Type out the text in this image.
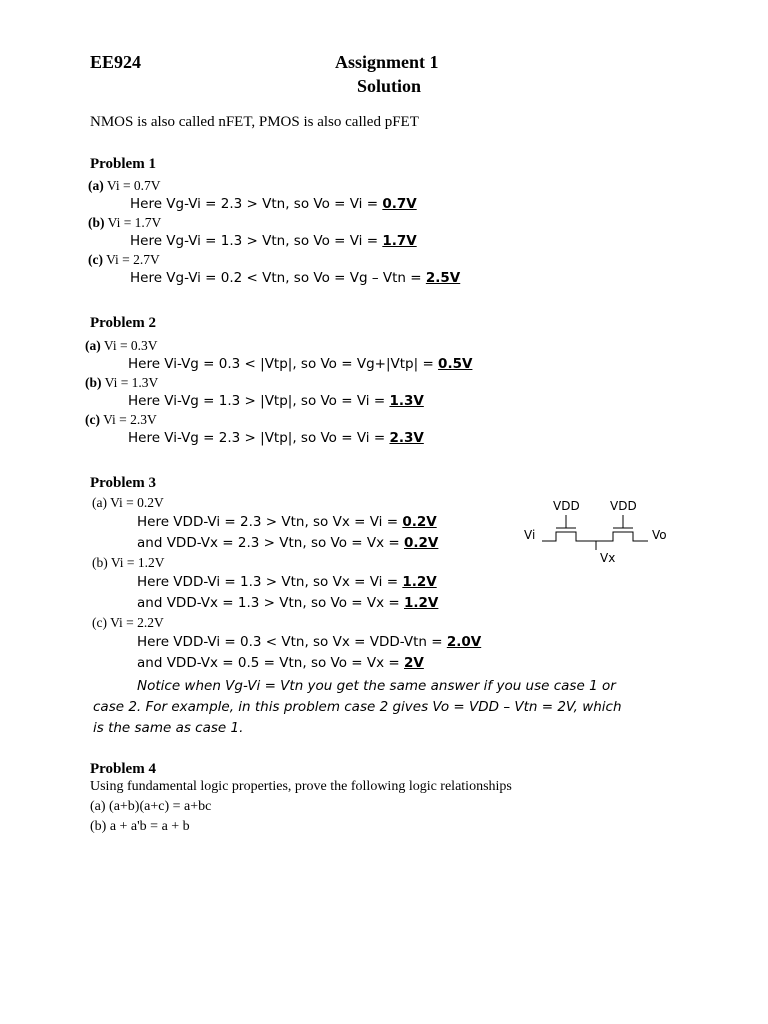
EE924	Assignment 1
Solution
NMOS is also called nFET, PMOS is also called pFET
Problem 1
(a) Vi = 0.7V
Here Vg-Vi = 2.3 > Vtn, so Vo = Vi = 0.7V
(b) Vi = 1.7V
Here Vg-Vi = 1.3 > Vtn, so Vo = Vi = 1.7V
(c) Vi = 2.7V
Here Vg-Vi = 0.2 < Vtn, so Vo = Vg – Vtn = 2.5V
Problem 2
(a) Vi = 0.3V
Here Vi-Vg = 0.3 < |Vtp|, so Vo = Vg+|Vtp| = 0.5V
(b) Vi = 1.3V
Here Vi-Vg = 1.3 > |Vtp|, so Vo = Vi = 1.3V
(c) Vi = 2.3V
Here Vi-Vg = 2.3 > |Vtp|, so Vo = Vi = 2.3V
Problem 3
(a) Vi = 0.2V
Here VDD-Vi = 2.3 > Vtn, so Vx = Vi = 0.2V
and VDD-Vx = 2.3 > Vtn, so Vo = Vx = 0.2V
(b) Vi = 1.2V
Here VDD-Vi = 1.3 > Vtn, so Vx = Vi = 1.2V
and VDD-Vx = 1.3 > Vtn, so Vo = Vx = 1.2V
(c) Vi = 2.2V
Here VDD-Vi = 0.3 < Vtn, so Vx = VDD-Vtn = 2.0V
and VDD-Vx = 0.5 = Vtn, so Vo = Vx = 2V
Notice when Vg-Vi = Vtn you get the same answer if you use case 1 or
case 2. For example, in this problem case 2 gives Vo = VDD – Vtn = 2V, which is the same as case 1.
VDD	VDD
Vi	Vo
Vx
Problem 4
Using fundamental logic properties, prove the following logic relationships
(a) (a+b)(a+c) = a+bc
(b) a + a'b = a + b
